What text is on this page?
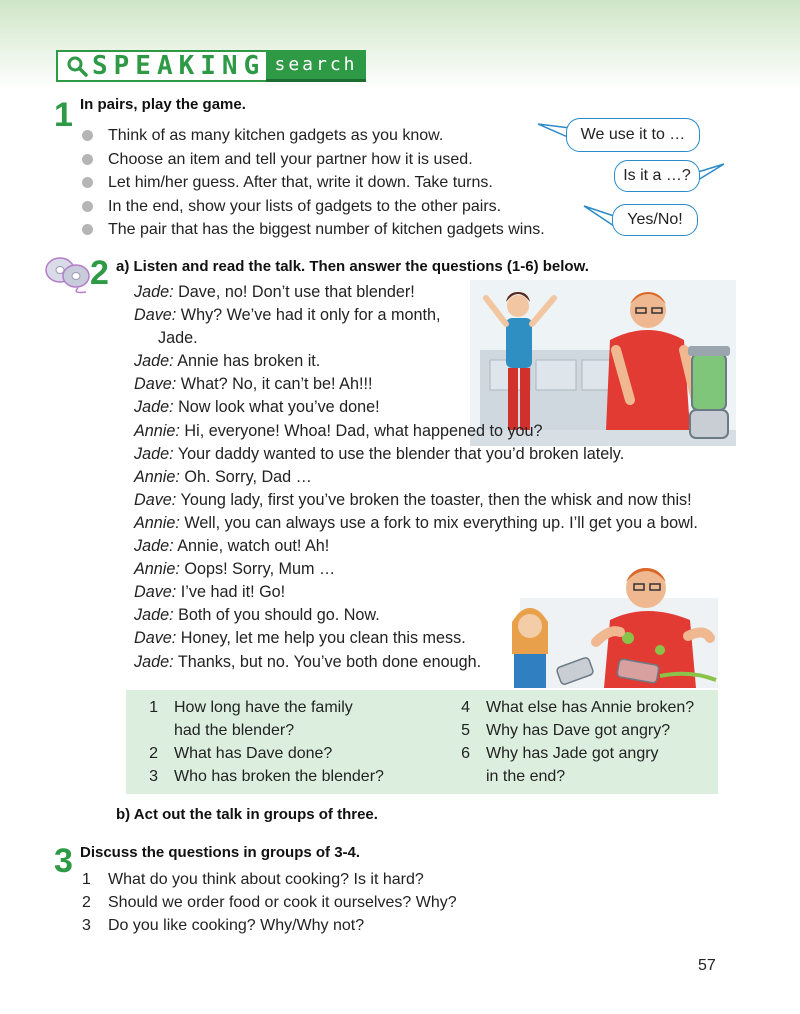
SPEAKING search
1 In pairs, play the game.
Think of as many kitchen gadgets as you know.
Choose an item and tell your partner how it is used.
Let him/her guess. After that, write it down. Take turns.
In the end, show your lists of gadgets to the other pairs.
The pair that has the biggest number of kitchen gadgets wins.
We use it to …
Is it a …?
Yes/No!
2 a) Listen and read the talk. Then answer the questions (1-6) below.
Jade: Dave, no! Don’t use that blender!
Dave: Why? We’ve had it only for a month,
Jade.
Jade: Annie has broken it.
Dave: What? No, it can’t be! Ah!!!
Jade: Now look what you’ve done!
Annie: Hi, everyone! Whoa! Dad, what happened to you?
Jade: Your daddy wanted to use the blender that you’d broken lately.
Annie: Oh. Sorry, Dad …
Dave: Young lady, first you’ve broken the toaster, then the whisk and now this!
Annie: Well, you can always use a fork to mix everything up. I’ll get you a bowl.
Jade: Annie, watch out! Ah!
Annie: Oops! Sorry, Mum …
Dave: I’ve had it! Go!
Jade: Both of you should go. Now.
Dave: Honey, let me help you clean this mess.
Jade: Thanks, but no. You’ve both done enough.
1 How long have the family
had the blender?
2 What has Dave done?
3 Who has broken the blender?
4 What else has Annie broken?
5 Why has Dave got angry?
6 Why has Jade got angry
in the end?
b) Act out the talk in groups of three.
3 Discuss the questions in groups of 3-4.
1 What do you think about cooking? Is it hard?
2 Should we order food or cook it ourselves? Why?
3 Do you like cooking? Why/Why not?
57
